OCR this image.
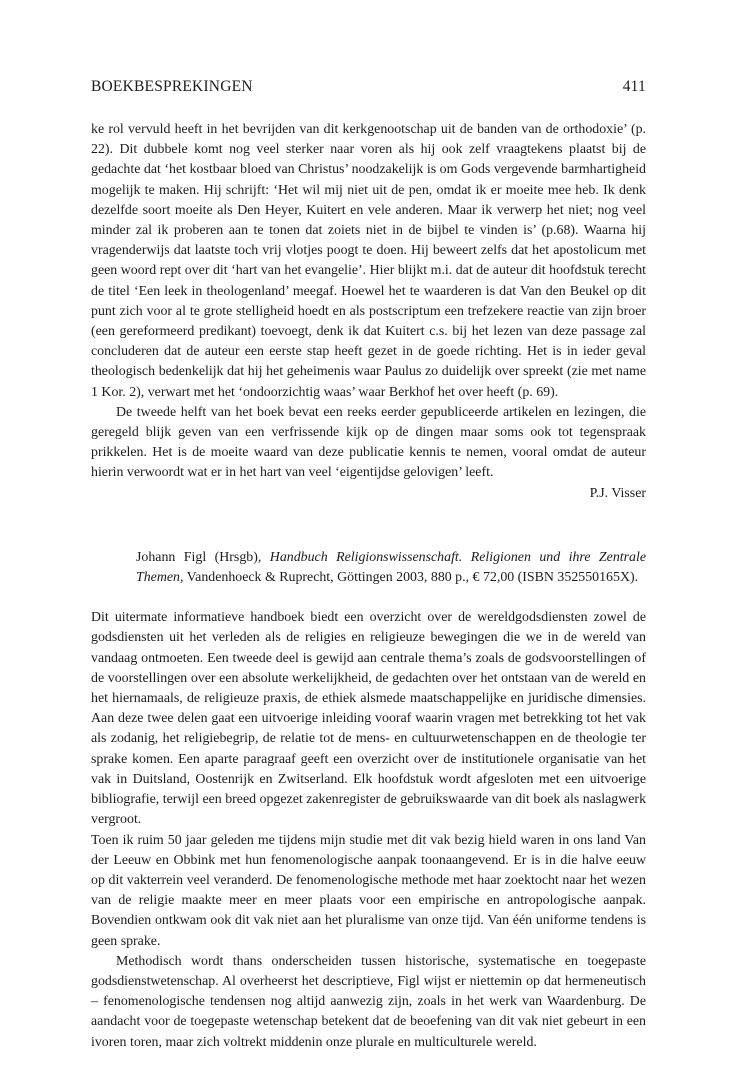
BOEKBESPREKINGEN	411

ke rol vervuld heeft in het bevrijden van dit kerkgenootschap uit de banden van de orthodoxie’ (p. 22). Dit dubbele komt nog veel sterker naar voren als hij ook zelf vraagtekens plaatst bij de gedachte dat ‘het kostbaar bloed van Christus’ noodzakelijk is om Gods vergevende barmhartigheid mogelijk te maken. Hij schrijft: ‘Het wil mij niet uit de pen, omdat ik er moeite mee heb. Ik denk dezelfde soort moeite als Den Heyer, Kuitert en vele anderen. Maar ik verwerp het niet; nog veel minder zal ik proberen aan te tonen dat zoiets niet in de bijbel te vinden is’ (p.68). Waarna hij vragenderwijs dat laatste toch vrij vlotjes poogt te doen. Hij beweert zelfs dat het apostolicum met geen woord rept over dit ‘hart van het evangelie’. Hier blijkt m.i. dat de auteur dit hoofdstuk terecht de titel ‘Een leek in theologenland’ meegaf. Hoewel het te waarderen is dat Van den Beukel op dit punt zich voor al te grote stelligheid hoedt en als postscriptum een trefzekere reactie van zijn broer (een gereformeerd predikant) toevoegt, denk ik dat Kuitert c.s. bij het lezen van deze passage zal concluderen dat de auteur een eerste stap heeft gezet in de goede richting. Het is in ieder geval theologisch bedenkelijk dat hij het geheimenis waar Paulus zo duidelijk over spreekt (zie met name 1 Kor. 2), verwart met het ‘ondoorzichtig waas’ waar Berkhof het over heeft (p. 69).

De tweede helft van het boek bevat een reeks eerder gepubliceerde artikelen en lezingen, die geregeld blijk geven van een verfrissende kijk op de dingen maar soms ook tot tegenspraak prikkelen. Het is de moeite waard van deze publicatie kennis te nemen, vooral omdat de auteur hierin verwoordt wat er in het hart van veel ‘eigentijdse gelovigen’ leeft.

P.J. Visser
Johann Figl (Hrsgb), Handbuch Religionswissenschaft. Religionen und ihre Zentrale Themen, Vandenhoeck & Ruprecht, Göttingen 2003, 880 p., € 72,00 (ISBN 352550165X).

Dit uitermate informatieve handboek biedt een overzicht over de wereldgodsdiensten zowel de godsdiensten uit het verleden als de religies en religieuze bewegingen die we in de wereld van vandaag ontmoeten. Een tweede deel is gewijd aan centrale thema’s zoals de godsvoorstellingen of de voorstellingen over een absolute werkelijkheid, de gedachten over het ontstaan van de wereld en het hiernamaals, de religieuze praxis, de ethiek alsmede maatschappelijke en juridische dimensies. Aan deze twee delen gaat een uitvoerige inleiding vooraf waarin vragen met betrekking tot het vak als zodanig, het religiebegrip, de relatie tot de mens- en cultuurwetenschappen en de theologie ter sprake komen. Een aparte paragraaf geeft een overzicht over de institutionele organisatie van het vak in Duitsland, Oostenrijk en Zwitserland. Elk hoofdstuk wordt afgesloten met een uitvoerige bibliografie, terwijl een breed opgezet zakenregister de gebruikswaarde van dit boek als naslagwerk vergroot.

Toen ik ruim 50 jaar geleden me tijdens mijn studie met dit vak bezig hield waren in ons land Van der Leeuw en Obbink met hun fenomenologische aanpak toonaangevend. Er is in die halve eeuw op dit vakterrein veel veranderd. De fenomenologische methode met haar zoektocht naar het wezen van de religie maakte meer en meer plaats voor een empirische en antropologische aanpak. Bovendien ontkwam ook dit vak niet aan het pluralisme van onze tijd. Van één uniforme tendens is geen sprake.

Methodisch wordt thans onderscheiden tussen historische, systematische en toegepaste godsdienstwetenschap. Al overheerst het descriptieve, Figl wijst er niettemin op dat hermeneutisch – fenomenologische tendensen nog altijd aanwezig zijn, zoals in het werk van Waardenburg. De aandacht voor de toegepaste wetenschap betekent dat de beoefening van dit vak niet gebeurt in een ivoren toren, maar zich voltrekt middenin onze plurale en multiculturele wereld.
